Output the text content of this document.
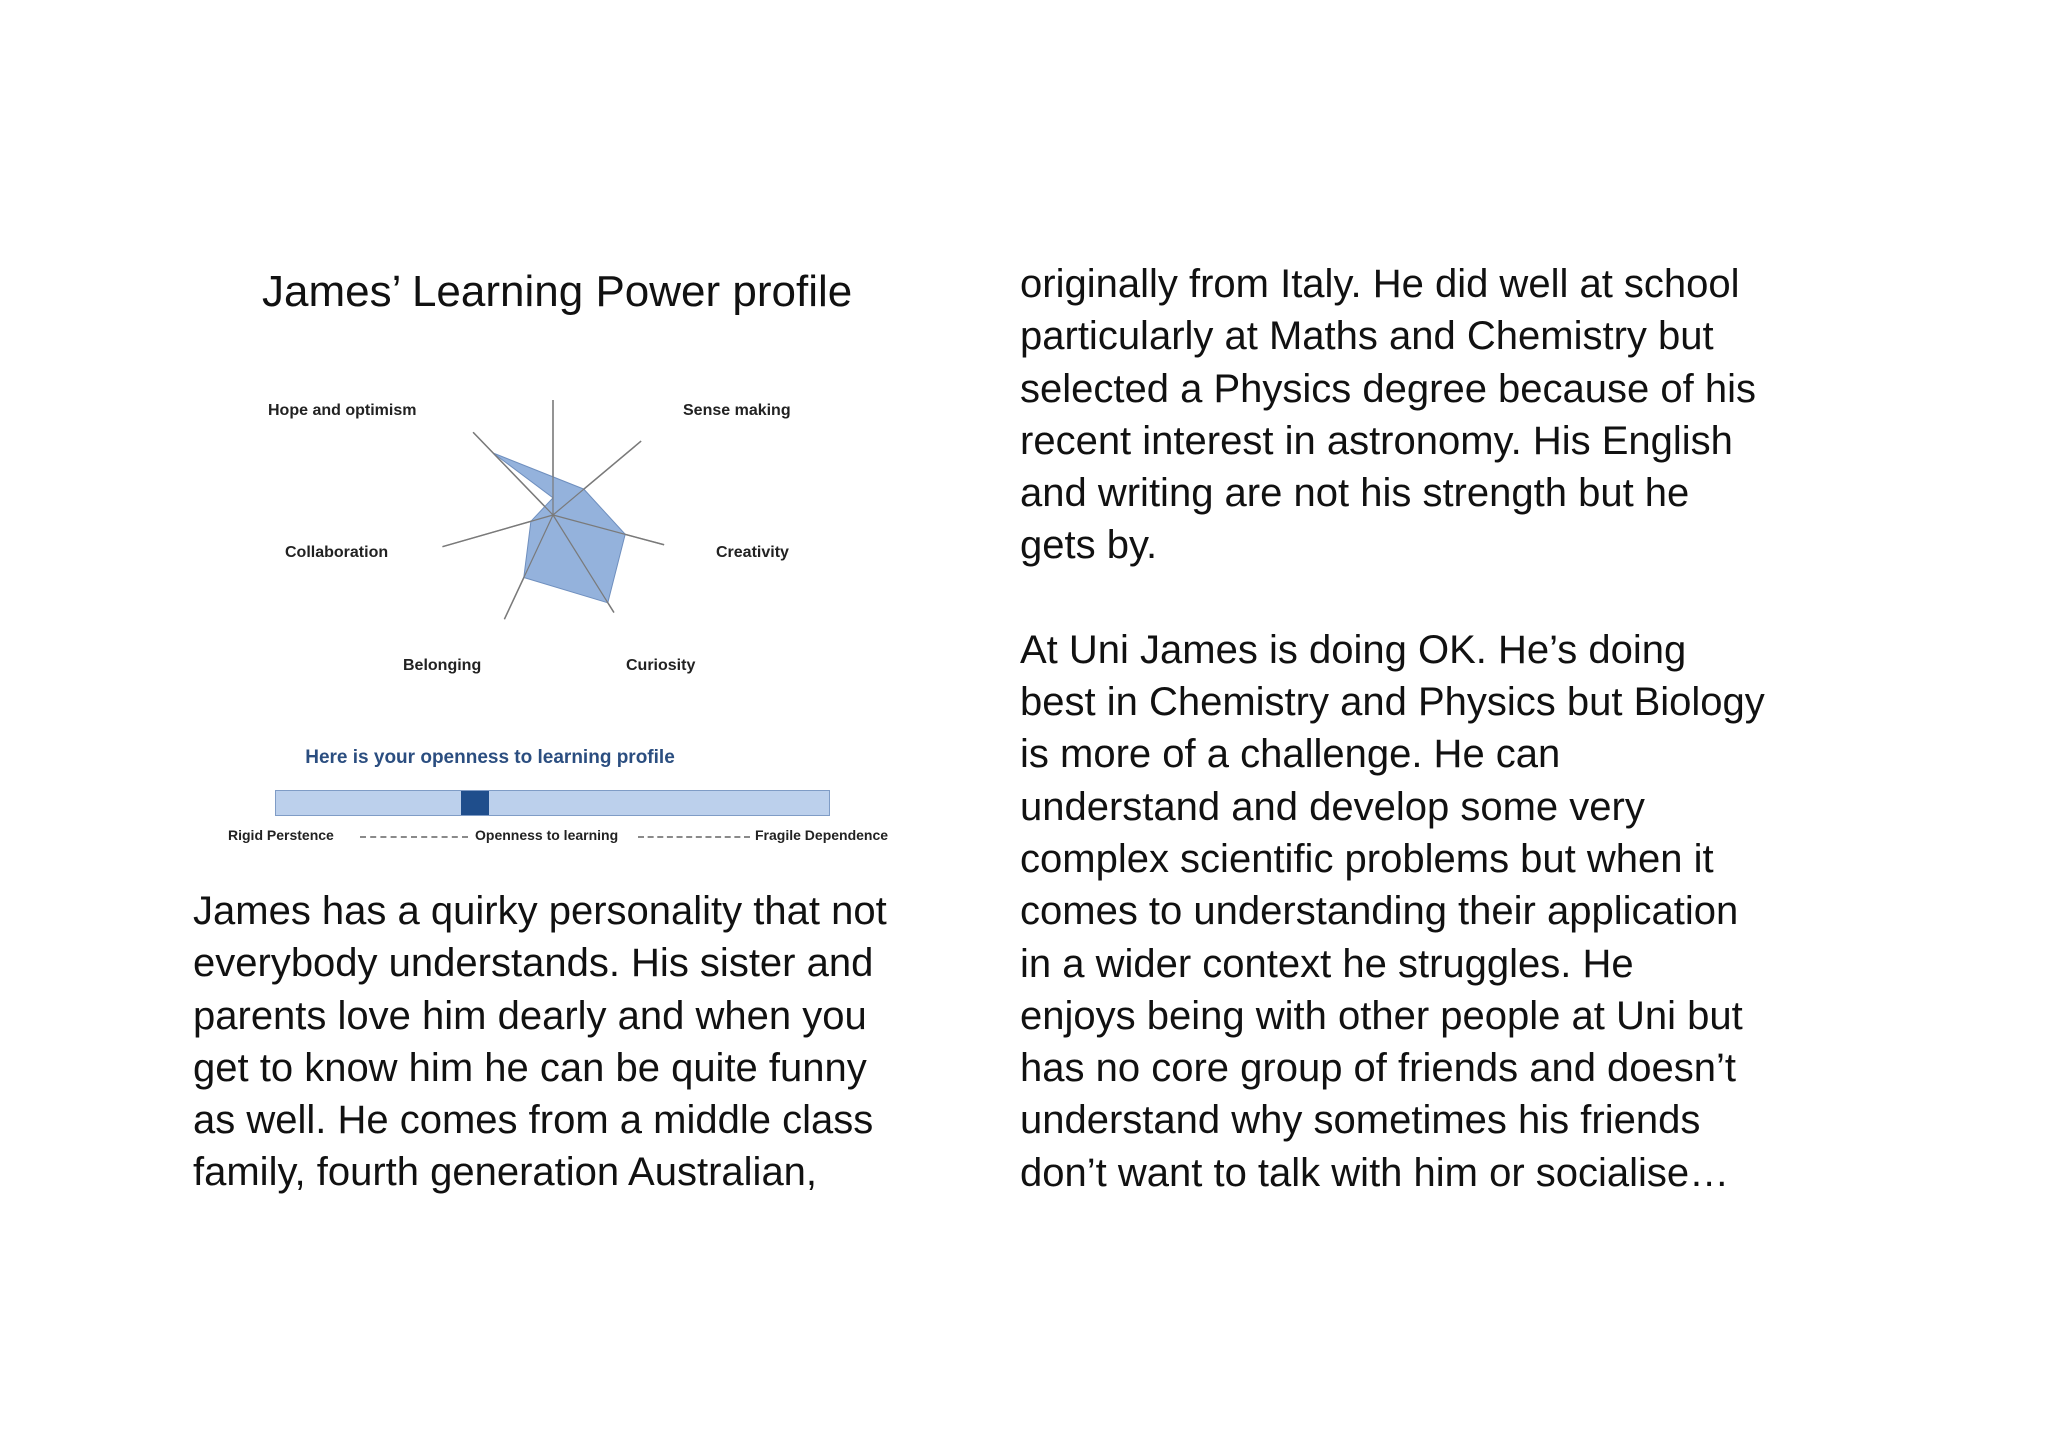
James’ Learning Power profile
Hope and optimism	Sense making
Creativity
Curiosity
Belonging
Collaboration
Here is your openness to learning profile
Rigid Perstence	Openness to learning	Fragile Dependence

James has a quirky personality that not
everybody understands. His sister and
parents love him dearly and when you
get to know him he can be quite funny
as well. He comes from a middle class
family, fourth generation Australian,

originally from Italy. He did well at school
particularly at Maths and Chemistry but
selected a Physics degree because of his
recent interest in astronomy. His English
and writing are not his strength but he
gets by.

At Uni James is doing OK. He’s doing
best in Chemistry and Physics but Biology
is more of a challenge. He can
understand and develop some very
complex scientific problems but when it
comes to understanding their application
in a wider context he struggles. He
enjoys being with other people at Uni but
has no core group of friends and doesn’t
understand why sometimes his friends
don’t want to talk with him or socialise…
